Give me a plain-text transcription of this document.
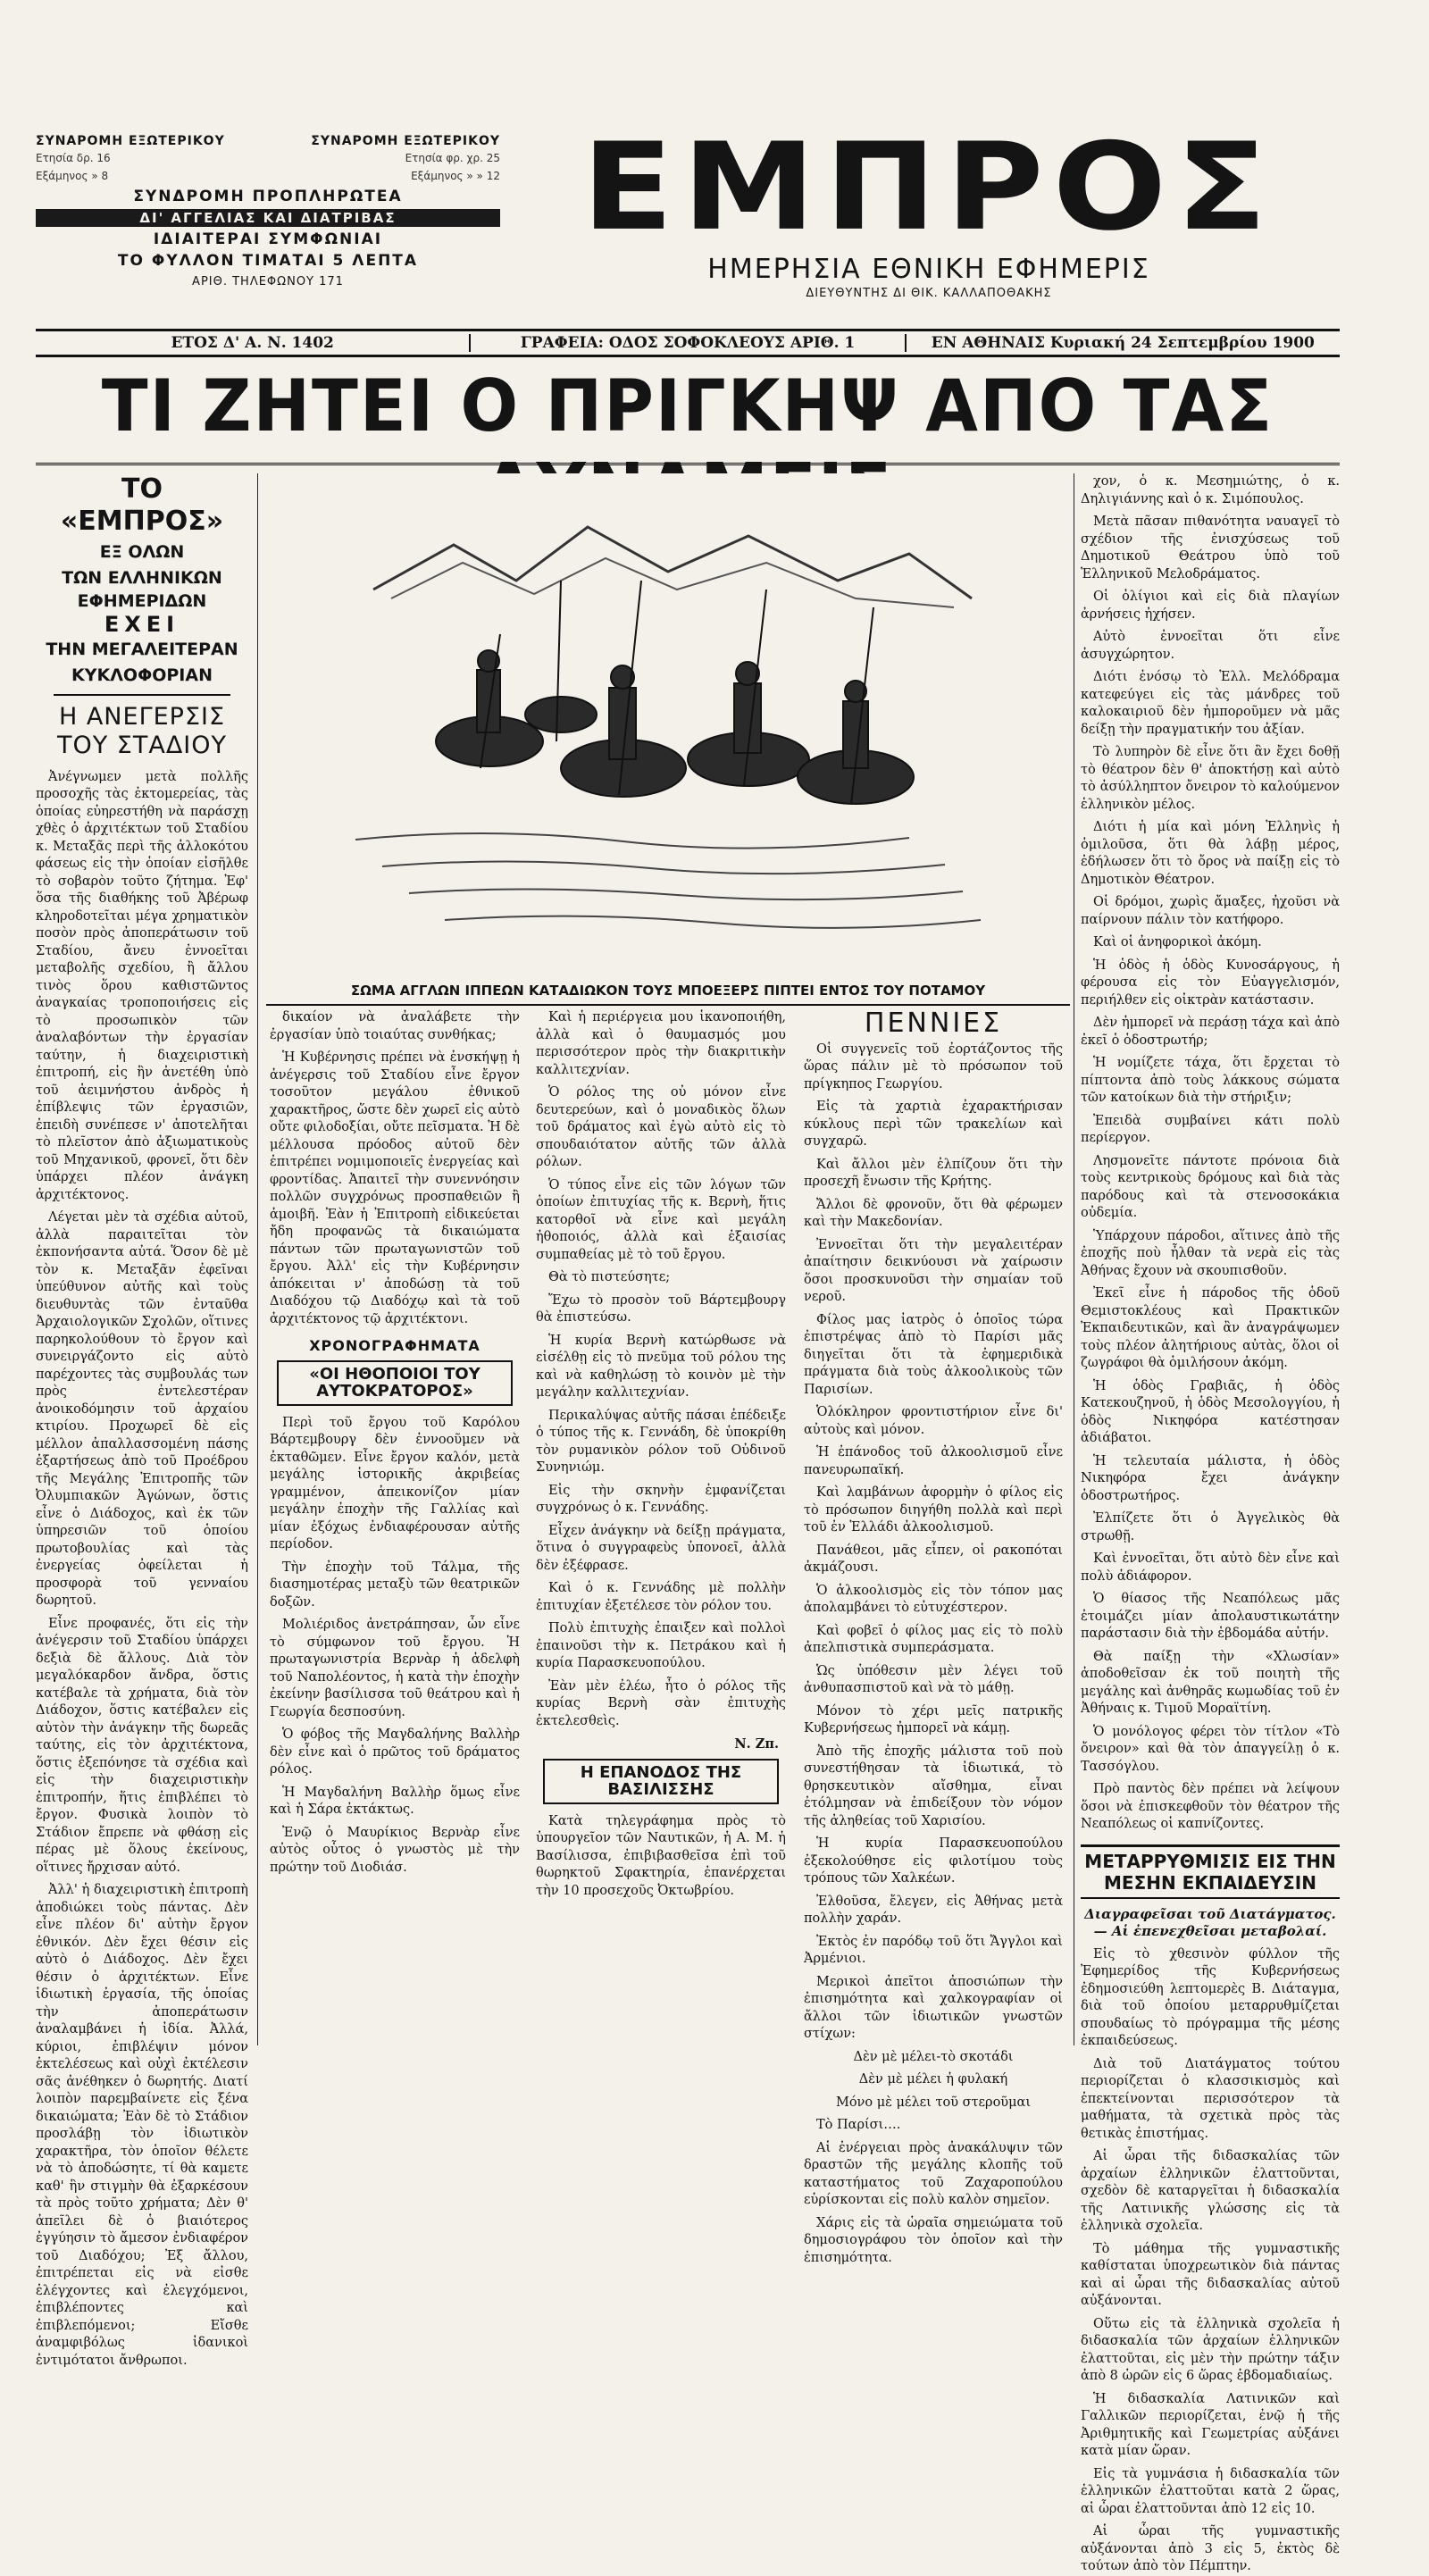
ΣΥΝΑΡΟΜΗ ΕΞΩΤΕΡΙΚΟΥ	ΣΥΝΑΡΟΜΗ ΕΞΩΤΕΡΙΚΟΥ
Ετησία δρ. 16	Ετησία φρ. χρ. 25
Εξάμηνος » 8	Εξάμηνος » » 12
ΣΥΝΔΡΟΜΗ ΠΡΟΠΛΗΡΩΤΕΑ
ΔΙ' ΑΓΓΕΛΙΑΣ ΚΑΙ ΔΙΑΤΡΙΒΑΣ
ΙΔΙΑΙΤΕΡΑΙ ΣΥΜΦΩΝΙΑΙ
ΤΟ ΦΥΛΛΟΝ ΤΙΜΑΤΑΙ 5 ΛΕΠΤΑ
ΑΡΙΘ. ΤΗΛΕΦΩΝΟΥ 171
ΕΜΠΡΟΣ
ΗΜΕΡΗΣΙΑ ΕΘΝΙΚΗ ΕΦΗΜΕΡΙΣ
ΔΙΕΥΘΥΝΤΗΣ ΔΙ ΘΙΚ. ΚΑΛΛΑΠΟΘΑΚΗΣ
ΕΤΟΣ Δ' Α. Ν. 1402	ΓΡΑΦΕΙΑ: ΟΔΟΣ ΣΟΦΟΚΛΕΟΥΣ ΑΡΙΘ. 1	ΕΝ ΑΘΗΝΑΙΣ Κυριακή 24 Σεπτεμβρίου 1900
ΤΙ ΖΗΤΕΙ Ο ΠΡΙΓΚΗΨ ΑΠΟ ΤΑΣ
ΤΟ «ΕΜΠΡΟΣ»
ΕΞ ΟΛΩΝ
ΤΩΝ ΕΛΛΗΝΙΚΩΝ ΕΦΗΜΕΡΙΔΩΝ
ΕΧΕΙ
ΤΗΝ ΜΕΓΑΛΕΙΤΕΡΑΝ
ΚΥΚΛΟΦΟΡΙΑΝ
Η ΑΝΕΓΕΡΣΙΣ ΤΟΥ ΣΤΑΔΙΟΥ

Ἀνέγνωμεν μετὰ πολλῆς προσοχῆς τὰς ἐκτομερείας, τὰς ὁποίας εὐηρεστήθη νὰ παράσχῃ χθὲς ὁ ἀρχιτέκτων τοῦ Σταδίου κ. Μεταξᾶς περὶ τῆς ἀλλοκότου φάσεως εἰς τὴν ὁποίαν εἰσῆλθε τὸ σοβαρὸν τοῦτο ζήτημα. Ἐφ' ὅσα τῆς διαθήκης τοῦ Ἀβέρωφ κληροδοτεῖται μέγα χρηματικὸν ποσὸν πρὸς ἀποπεράτωσιν τοῦ Σταδίου, ἄνευ ἐννοεῖται μεταβολῆς σχεδίου, ἢ ἄλλου τινὸς ὅρου καθιστῶντος ἀναγκαίας τροποποιήσεις εἰς τὸ προσωπικὸν τῶν ἀναλαβόντων τὴν ἐργασίαν ταύτην, ἡ διαχειριστικὴ ἐπιτροπή, εἰς ἣν ἀνετέθη ὑπὸ τοῦ ἀειμνήστου ἀνδρὸς ἡ ἐπίβλεψις τῶν ἐργασιῶν, ἐπειδὴ συνέπεσε ν' ἀποτελῆται τὸ πλεῖστον ἀπὸ ἀξιωματικοὺς τοῦ Μηχανικοῦ, φρονεῖ, ὅτι δὲν ὑπάρχει πλέον ἀνάγκη ἀρχιτέκτονος.

Λέγεται μὲν τὰ σχέδια αὐτοῦ, ἀλλὰ παραιτεῖται τὸν ἐκπονήσαντα αὐτά. Ὅσον δὲ μὲ τὸν κ. Μεταξᾶν ἐφεῖναι ὑπεύθυνον αὐτῆς καὶ τοὺς διευθυντὰς τῶν ἐνταῦθα Ἀρχαιολογικῶν Σχολῶν, οἵτινες παρηκολούθουν τὸ ἔργον καὶ συνειργάζοντο εἰς αὐτὸ παρέχοντες τὰς συμβουλάς των πρὸς ἐντελεστέραν ἀνοικοδόμησιν τοῦ ἀρχαίου κτιρίου. Προχωρεῖ δὲ εἰς μέλλον ἀπαλλασσομένη πάσης ἐξαρτήσεως ἀπὸ τοῦ Προέδρου τῆς Μεγάλης Ἐπιτροπῆς τῶν Ὀλυμπιακῶν Ἀγώνων, ὅστις εἶνε ὁ Διάδοχος, καὶ ἐκ τῶν ὑπηρεσιῶν τοῦ ὁποίου πρωτοβουλίας καὶ τὰς ἐνεργείας ὀφείλεται ἡ προσφορὰ τοῦ γενναίου δωρητοῦ.

Εἶνε προφανές, ὅτι εἰς τὴν ἀνέγερσιν τοῦ Σταδίου ὑπάρχει δεξιὰ δὲ ἄλλους. Διὰ τὸν μεγαλόκαρδον ἄνδρα, ὅστις κατέβαλε τὰ χρήματα, διὰ τὸν Διάδοχον, ὅστις κατέβαλεν εἰς αὐτὸν τὴν ἀνάγκην τῆς δωρεᾶς ταύτης, εἰς τὸν ἀρχιτέκτονα, ὅστις ἐξεπόνησε τὰ σχέδια καὶ εἰς τὴν διαχειριστικὴν ἐπιτροπήν, ἥτις ἐπιβλέπει τὸ ἔργον. Φυσικὰ λοιπὸν τὸ Στάδιον ἔπρεπε νὰ φθάσῃ εἰς πέρας μὲ ὅλους ἐκείνους, οἵτινες ἤρχισαν αὐτό.

Ἀλλ' ἡ διαχειριστικὴ ἐπιτροπὴ ἀποδιώκει τοὺς πάντας. Δὲν εἶνε πλέον δι' αὐτὴν ἔργον ἐθνικόν. Δὲν ἔχει θέσιν εἰς αὐτὸ ὁ Διάδοχος. Δὲν ἔχει θέσιν ὁ ἀρχιτέκτων. Εἶνε ἰδιωτικὴ ἐργασία, τῆς ὁποίας τὴν ἀποπεράτωσιν ἀναλαμβάνει ἡ ἰδία. Ἀλλά, κύριοι, ἐπιβλέψιν μόνον ἐκτελέσεως καὶ οὐχὶ ἐκτέλεσιν σᾶς ἀνέθηκεν ὁ δωρητής. Διατί λοιπὸν παρεμβαίνετε εἰς ξένα δικαιώματα; Ἐὰν δὲ τὸ Στάδιον προσλάβῃ τὸν ἰδιωτικὸν χαρακτῆρα, τὸν ὁποῖον θέλετε νὰ τὸ ἀποδώσητε, τί θὰ καμετε καθ' ἣν στιγμὴν θὰ ἐξαρκέσουν τὰ πρὸς τοῦτο χρήματα; Δὲν θ' ἀπεῖλει δὲ ὁ βιαιότερος ἐγγύησιν τὸ ἄμεσον ἐνδιαφέρον τοῦ Διαδόχου; Ἐξ ἄλλου, ἐπιτρέπεται εἰς νὰ εἰσθε ἐλέγχοντες καὶ ἐλεγχόμενοι, ἐπιβλέποντες καὶ ἐπιβλεπόμενοι; Εἴσθε ἀναμφιβόλως ἰδανικοὶ ἐντιμότατοι ἄνθρωποι.

ΣΩΜΑ ΑΓΓΛΩΝ ΙΠΠΕΩΝ ΚΑΤΑΔΙΩΚΟΝ ΤΟΥΣ ΜΠΟΕΞΕΡΣ ΠΙΠΤΕΙ ΕΝΤΟΣ ΤΟΥ ΠΟΤΑΜΟΥ

δικαίον νὰ ἀναλάβετε τὴν ἐργασίαν ὑπὸ τοιαύτας συνθήκας;

Ἡ Κυβέρνησις πρέπει νὰ ἐνσκήψῃ ἡ ἀνέγερσις τοῦ Σταδίου εἶνε ἔργον τοσοῦτον μεγάλου ἐθνικοῦ χαρακτῆρος, ὥστε δὲν χωρεῖ εἰς αὐτὸ οὔτε φιλοδοξίαι, οὔτε πεῖσματα. Ἡ δὲ μέλλουσα πρόοδος αὐτοῦ δὲν ἐπιτρέπει νομιμοποιεῖς ἐνεργείας καὶ φροντίδας. Ἀπαιτεῖ τὴν συνεννόησιν πολλῶν συγχρόνως προσπαθειῶν ἢ ἀμοιβῆ. Ἐὰν ἡ Ἐπιτροπὴ εἰδικεύεται ἤδη προφανῶς τὰ δικαιώματα πάντων τῶν πρωταγωνιστῶν τοῦ ἔργου. Ἀλλ' εἰς τὴν Κυβέρνησιν ἀπόκειται ν' ἀποδώσῃ τὰ τοῦ Διαδόχου τῷ Διαδόχῳ καὶ τὰ τοῦ ἀρχιτέκτονος τῷ ἀρχιτέκτονι.

ΧΡΟΝΟΓΡΑΦΗΜΑΤΑ
«ΟΙ ΗΘΟΠΟΙΟΙ ΤΟΥ ΑΥΤΟΚΡΑΤΟΡΟΣ»

Περὶ τοῦ ἔργου τοῦ Καρόλου Βάρτεμβουργ δὲν ἐννοοῦμεν νὰ ἐκταθῶμεν. Εἶνε ἔργον καλόν, μετὰ μεγάλης ἱστορικῆς ἀκριβείας γραμμένον, ἀπεικονίζον μίαν μεγάλην ἐποχὴν τῆς Γαλλίας καὶ μίαν ἐξόχως ἐνδιαφέρουσαν αὐτῆς περίοδον.

Τὴν ἐποχὴν τοῦ Τάλμα, τῆς διασημοτέρας μεταξὺ τῶν θεατρικῶν δοξῶν.

Μολιέριδος ἀνετράπησαν, ὧν εἶνε τὸ σύμφωνον τοῦ ἔργου. Ἡ πρωταγωνιστρία Βερνὰρ ἡ ἀδελφὴ τοῦ Ναπολέοντος, ἡ κατὰ τὴν ἐποχὴν ἐκείνην βασίλισσα τοῦ θεάτρου καὶ ἡ Γεωργία δεσποσύνη.

Ὁ φόβος τῆς Μαγδαλήνης Βαλλὴρ δὲν εἶνε καὶ ὁ πρῶτος τοῦ δράματος ρόλος.

Ἡ Μαγδαλήνη Βαλλὴρ ὅμως εἶνε καὶ ἡ Σάρα ἐκτάκτως.

Ἐνῷ ὁ Μαυρίκιος Βερνὰρ εἶνε αὐτὸς οὗτος ὁ γνωστὸς μὲ τὴν πρώτην τοῦ Διοδιάσ.

Καὶ ἡ περιέργεια μου ἱκανοποιήθη, ἀλλὰ καὶ ὁ θαυμασμός μου περισσότερον πρὸς τὴν διακριτικὴν καλλιτεχνίαν.

Ὁ ρόλος της οὐ μόνον εἶνε δευτερεύων, καὶ ὁ μοναδικὸς ὅλων τοῦ δράματος καὶ ἐγὼ αὐτὸ εἰς τὸ σπουδαιότατον αὐτῆς τῶν ἀλλὰ ρόλων.

Ὁ τύπος εἶνε εἰς τῶν λόγων τῶν ὁποίων ἐπιτυχίας τῆς κ. Βερνὴ, ἥτις κατορθοῖ νὰ εἶνε καὶ μεγάλη ἠθοποιός, ἀλλὰ καὶ ἐξαισίας συμπαθείας μὲ τὸ τοῦ ἔργου.

Θὰ τὸ πιστεύσητε;

Ἔχω τὸ προσὸν τοῦ Βάρτεμβουργ θὰ ἐπιστεύσω.

Ἡ κυρία Βερνὴ κατώρθωσε νὰ εἰσέλθῃ εἰς τὸ πνεῦμα τοῦ ρόλου της καὶ νὰ καθηλώσῃ τὸ κοινὸν μὲ τὴν μεγάλην καλλιτεχνίαν.

Περικαλύψας αὐτῆς πάσαι ἐπέδειξε ὁ τύπος τῆς κ. Γεννάδη, δὲ ὑποκρίθη τὸν ρυμανικὸν ρόλον τοῦ Οὐδινοῦ Συνηνιώμ.

Εἰς τὴν σκηνὴν ἐμφανίζεται συγχρόνως ὁ κ. Γεννάδης.

Εἶχεν ἀνάγκην νὰ δείξῃ πράγματα, ὅτινα ὁ συγγραφεὺς ὑπονοεῖ, ἀλλὰ δὲν ἐξέφρασε.

Καὶ ὁ κ. Γεννάδης μὲ πολλὴν ἐπιτυχίαν ἐξετέλεσε τὸν ρόλον του.

Πολὺ ἐπιτυχὴς ἐπαιξεν καὶ πολλοὶ ἐπαινοῦσι τὴν κ. Πετράκου καὶ ἡ κυρία Παρασκευοπούλου.

Ἐὰν μὲν ἐλέω, ἦτο ὁ ρόλος τῆς κυρίας Βερνὴ σὰν ἐπιτυχὴς ἐκτελεσθεὶς.

Ν. Ζπ.
Η ΕΠΑΝΟΔΟΣ ΤΗΣ ΒΑΣΙΛΙΣΣΗΣ

Κατὰ τηλεγράφημα πρὸς τὸ ὑπουργεῖον τῶν Ναυτικῶν, ἡ Α. Μ. ἡ Βασίλισσα, ἐπιβιβασθεῖσα ἐπὶ τοῦ θωρηκτοῦ Σφακτηρία, ἐπανέρχεται τὴν 10 προσεχοῦς Ὀκτωβρίου.

ΠΕΝΝΙΕΣ

Οἱ συγγενεῖς τοῦ ἐορτάζοντος τῆς ὥρας πάλιν μὲ τὸ πρόσωπον τοῦ πρίγκηπος Γεωργίου.

Εἰς τὰ χαρτιὰ ἐχαρακτήρισαν κύκλους περὶ τῶν τρακελίων καὶ συγχαρῶ.

Καὶ ἄλλοι μὲν ἐλπίζουν ὅτι τὴν προσεχῆ ἔνωσιν τῆς Κρήτης.

Ἄλλοι δὲ φρονοῦν, ὅτι θὰ φέρωμεν καὶ τὴν Μακεδονίαν.

Ἐννοεῖται ὅτι τὴν μεγαλειτέραν ἀπαίτησιν δεικνύουσι νὰ χαίρωσιν ὅσοι προσκυνοῦσι τὴν σημαίαν τοῦ νεροῦ.

Φίλος μας ἰατρὸς ὁ ὁποῖος τώρα ἐπιστρέψας ἀπὸ τὸ Παρίσι μᾶς διηγεῖται ὅτι τὰ ἐφημεριδικὰ πράγματα διὰ τοὺς ἀλκοολικοὺς τῶν Παρισίων.

Ὁλόκληρον φροντιστήριον εἶνε δι' αὐτοὺς καὶ μόνον.

Ἡ ἐπάνοδος τοῦ ἀλκοολισμοῦ εἶνε πανευρωπαϊκή.

Καὶ λαμβάνων ἀφορμὴν ὁ φίλος εἰς τὸ πρόσωπον διηγήθη πολλὰ καὶ περὶ τοῦ ἐν Ἑλλάδι ἀλκοολισμοῦ.

Πανάθεοι, μᾶς εἶπεν, οἱ ρακοπόται ἀκμάζουσι.

Ὁ ἀλκοολισμὸς εἰς τὸν τόπον μας ἀπολαμβάνει τὸ εὐτυχέστερον.

Καὶ φοβεῖ ὁ φίλος μας εἰς τὸ πολὺ ἀπελπιστικὰ συμπεράσματα.

Ὡς ὑπόθεσιν μὲν λέγει τοῦ ἀνθυπασπιστοῦ καὶ νὰ τὸ μάθῃ.

Μόνον τὸ χέρι μεῖς πατρικῆς Κυβερνήσεως ἠμπορεῖ νὰ κάμῃ.

Ἀπὸ τῆς ἐποχῆς μάλιστα τοῦ ποὺ συνεστήθησαν τὰ ἰδιωτικά, τὸ θρησκευτικὸν αἴσθημα, εἶναι ἐτόλμησαν νὰ ἐπιδείξουν τὸν νόμον τῆς ἀληθείας τοῦ Χαρισίου.

Ἡ κυρία Παρασκευοπούλου ἐξεκολούθησε εἰς φιλοτίμου τοὺς τρόπους τῶν Χαλκέων.

Ἐλθοῦσα, ἔλεγεν, εἰς Ἀθήνας μετὰ πολλὴν χαράν.

Ἐκτὸς ἐν παρόδῳ τοῦ ὅτι Ἄγγλοι καὶ Ἀρμένιοι.

Μερικοὶ ἀπεῖτοι ἀποσιώπων τὴν ἐπισημότητα καὶ χαλκογραφίαν οἱ ἄλλοι τῶν ἰδιωτικῶν γνωστῶν στίχων:

Δὲν μὲ μέλει-τὸ σκοτάδι

Δὲν μὲ μέλει ἡ φυλακή

Μόνο μὲ μέλει τοῦ στεροῦμαι

Τὸ Παρίσι….

Αἱ ἐνέργειαι πρὸς ἀνακάλυψιν τῶν δραστῶν τῆς μεγάλης κλοπῆς τοῦ καταστήματος τοῦ Ζαχαροπούλου εὑρίσκονται εἰς πολὺ καλὸν σημεῖον.

Χάρις εἰς τὰ ὡραῖα σημειώματα τοῦ δημοσιογράφου τὸν ὁποῖον καὶ τὴν ἐπισημότητα.

χον, ὁ κ. Μεσημιώτης, ὁ κ. Δηλιγιάννης καὶ ὁ κ. Σιμόπουλος.

Μετὰ πᾶσαν πιθανότητα ναυαγεῖ τὸ σχέδιον τῆς ἐνισχύσεως τοῦ Δημοτικοῦ Θεάτρου ὑπὸ τοῦ Ἑλληνικοῦ Μελοδράματος.

Οἱ ὀλίγιοι καὶ εἰς διὰ πλαγίων ἀρνήσεις ἠχήσεν.

Αὐτὸ ἐννοεῖται ὅτι εἶνε ἀσυγχώρητον.

Διότι ἐνόσῳ τὸ Ἑλλ. Μελόδραμα κατεφεύγει εἰς τὰς μάνδρες τοῦ καλοκαιριοῦ δὲν ἠμποροῦμεν νὰ μᾶς δείξῃ τὴν πραγματικήν του ἀξίαν.

Τὸ λυπηρὸν δὲ εἶνε ὅτι ἂν ἔχει δοθῇ τὸ θέατρον δὲν θ' ἀποκτήσῃ καὶ αὐτὸ τὸ ἀσύλληπτον ὄνειρον τὸ καλούμενον ἑλληνικὸν μέλος.

Διότι ἡ μία καὶ μόνη Ἑλληνὶς ἡ ὁμιλοῦσα, ὅτι θὰ λάβῃ μέρος, ἐδήλωσεν ὅτι τὸ ὄρος νὰ παίξῃ εἰς τὸ Δημοτικὸν Θέατρον.

Οἱ δρόμοι, χωρὶς ἄμαξες, ἠχοῦσι νὰ παίρνουν πάλιν τὸν κατήφορο.

Καὶ οἱ ἀνηφορικοὶ ἀκόμη.

Ἡ ὁδὸς ἡ ὁδὸς Κυνοσάργους, ἡ φέρουσα εἰς τὸν Εὐαγγελισμόν, περιήλθεν εἰς οἰκτρὰν κατάστασιν.

Δὲν ἠμπορεῖ νὰ περάσῃ τάχα καὶ ἀπὸ ἐκεῖ ὁ ὁδοστρωτήρ;

Ἡ νομίζετε τάχα, ὅτι ἔρχεται τὸ πίπτοντα ἀπὸ τοὺς λάκκους σώματα τῶν κατοίκων διὰ τὴν στήριξιν;

Ἐπειδὰ συμβαίνει κάτι πολὺ περίεργον.

Λησμονεῖτε πάντοτε πρόνοια διὰ τοὺς κεντρικοὺς δρόμους καὶ διὰ τὰς παρόδους καὶ τὰ στενοσοκάκια οὐδεμία.

Ὑπάρχουν πάροδοι, αἵτινες ἀπὸ τῆς ἐποχῆς ποὺ ἦλθαν τὰ νερὰ εἰς τὰς Ἀθήνας ἔχουν νὰ σκουπισθοῦν.

Ἐκεῖ εἶνε ἡ πάροδος τῆς ὁδοῦ Θεμιστοκλέους καὶ Πρακτικῶν Ἐκπαιδευτικῶν, καὶ ἂν ἀναγράψωμεν τοὺς πλέον ἀλητήριους αὐτὰς, ὅλοι οἱ ζωγράφοι θὰ ὁμιλήσουν ἀκόμη.

Ἡ ὁδὸς Γραβιᾶς, ἡ ὁδὸς Κατεκουζηνοῦ, ἡ ὁδὸς Μεσολογγίου, ἡ ὁδὸς Νικηφόρα κατέστησαν ἀδιάβατοι.

Ἡ τελευταία μάλιστα, ἡ ὁδὸς Νικηφόρα ἔχει ἀνάγκην ὁδοστρωτήρος.

Ἐλπίζετε ὅτι ὁ Ἀγγελικὸς θὰ στρωθῇ.

Καὶ ἐννοεῖται, ὅτι αὐτὸ δὲν εἶνε καὶ πολὺ ἀδιάφορον.

Ὁ θίασος τῆς Νεαπόλεως μᾶς ἐτοιμάζει μίαν ἀπολαυστικωτάτην παράστασιν διὰ τὴν ἑβδομάδα αὐτήν.

Θὰ παίξῃ τὴν «Χλωσίαν» ἀποδοθεῖσαν ἐκ τοῦ ποιητὴ τῆς μεγάλης καὶ ἀνθηρᾶς κωμωδίας τοῦ ἐν Ἀθήναις κ. Τιμοῦ Μοραϊτίνη.

Ὁ μονόλογος φέρει τὸν τίτλον «Τὸ ὄνειρον» καὶ θὰ τὸν ἀπαγγείλῃ ὁ κ. Τασσόγλου.

Πρὸ παντὸς δὲν πρέπει νὰ λείψουν ὅσοι νὰ ἐπισκεφθοῦν τὸν θέατρον τῆς Νεαπόλεως οἱ καπνίζοντες.

ΜΕΤΑΡΡΥΘΜΙΣΙΣ ΕΙΣ ΤΗΝ ΜΕΣΗΝ ΕΚΠΑΙΔΕΥΣΙΝ
Διαγραφεῖσαι τοῦ Διατάγματος. — Αἱ ἐπενεχθεῖσαι μεταβολαί.

Εἰς τὸ χθεσινὸν φύλλον τῆς Ἐφημερίδος τῆς Κυβερνήσεως ἐδημοσιεύθη λεπτομερὲς Β. Διάταγμα, διὰ τοῦ ὁποίου μεταρρυθμίζεται σπουδαίως τὸ πρόγραμμα τῆς μέσης ἐκπαιδεύσεως.

Διὰ τοῦ Διατάγματος τούτου περιορίζεται ὁ κλασσικισμὸς καὶ ἐπεκτείνονται περισσότερον τὰ μαθήματα, τὰ σχετικὰ πρὸς τὰς θετικὰς ἐπιστήμας.

Αἱ ὧραι τῆς διδασκαλίας τῶν ἀρχαίων ἑλληνικῶν ἐλαττοῦνται, σχεδὸν δὲ καταργεῖται ἡ διδασκαλία τῆς Λατινικῆς γλώσσης εἰς τὰ ἑλληνικὰ σχολεῖα.

Τὸ μάθημα τῆς γυμναστικῆς καθίσταται ὑποχρεωτικὸν διὰ πάντας καὶ αἱ ὧραι τῆς διδασκαλίας αὐτοῦ αὐξάνονται.

Οὕτω εἰς τὰ ἑλληνικὰ σχολεῖα ἡ διδασκαλία τῶν ἀρχαίων ἑλληνικῶν ἐλαττοῦται, εἰς μὲν τὴν πρώτην τάξιν ἀπὸ 8 ὡρῶν εἰς 6 ὥρας ἑβδομαδιαίως.

Ἡ διδασκαλία Λατινικῶν καὶ Γαλλικῶν περιορίζεται, ἐνῷ ἡ τῆς Ἀριθμητικῆς καὶ Γεωμετρίας αὐξάνει κατὰ μίαν ὥραν.

Εἰς τὰ γυμνάσια ἡ διδασκαλία τῶν ἑλληνικῶν ἐλαττοῦται κατὰ 2 ὥρας, αἱ ὧραι ἐλαττοῦνται ἀπὸ 12 εἰς 10.

Αἱ ὧραι τῆς γυμναστικῆς αὐξάνονται ἀπὸ 3 εἰς 5, ἐκτὸς δὲ τούτων ἀπὸ τὸν Πέμπτην.
